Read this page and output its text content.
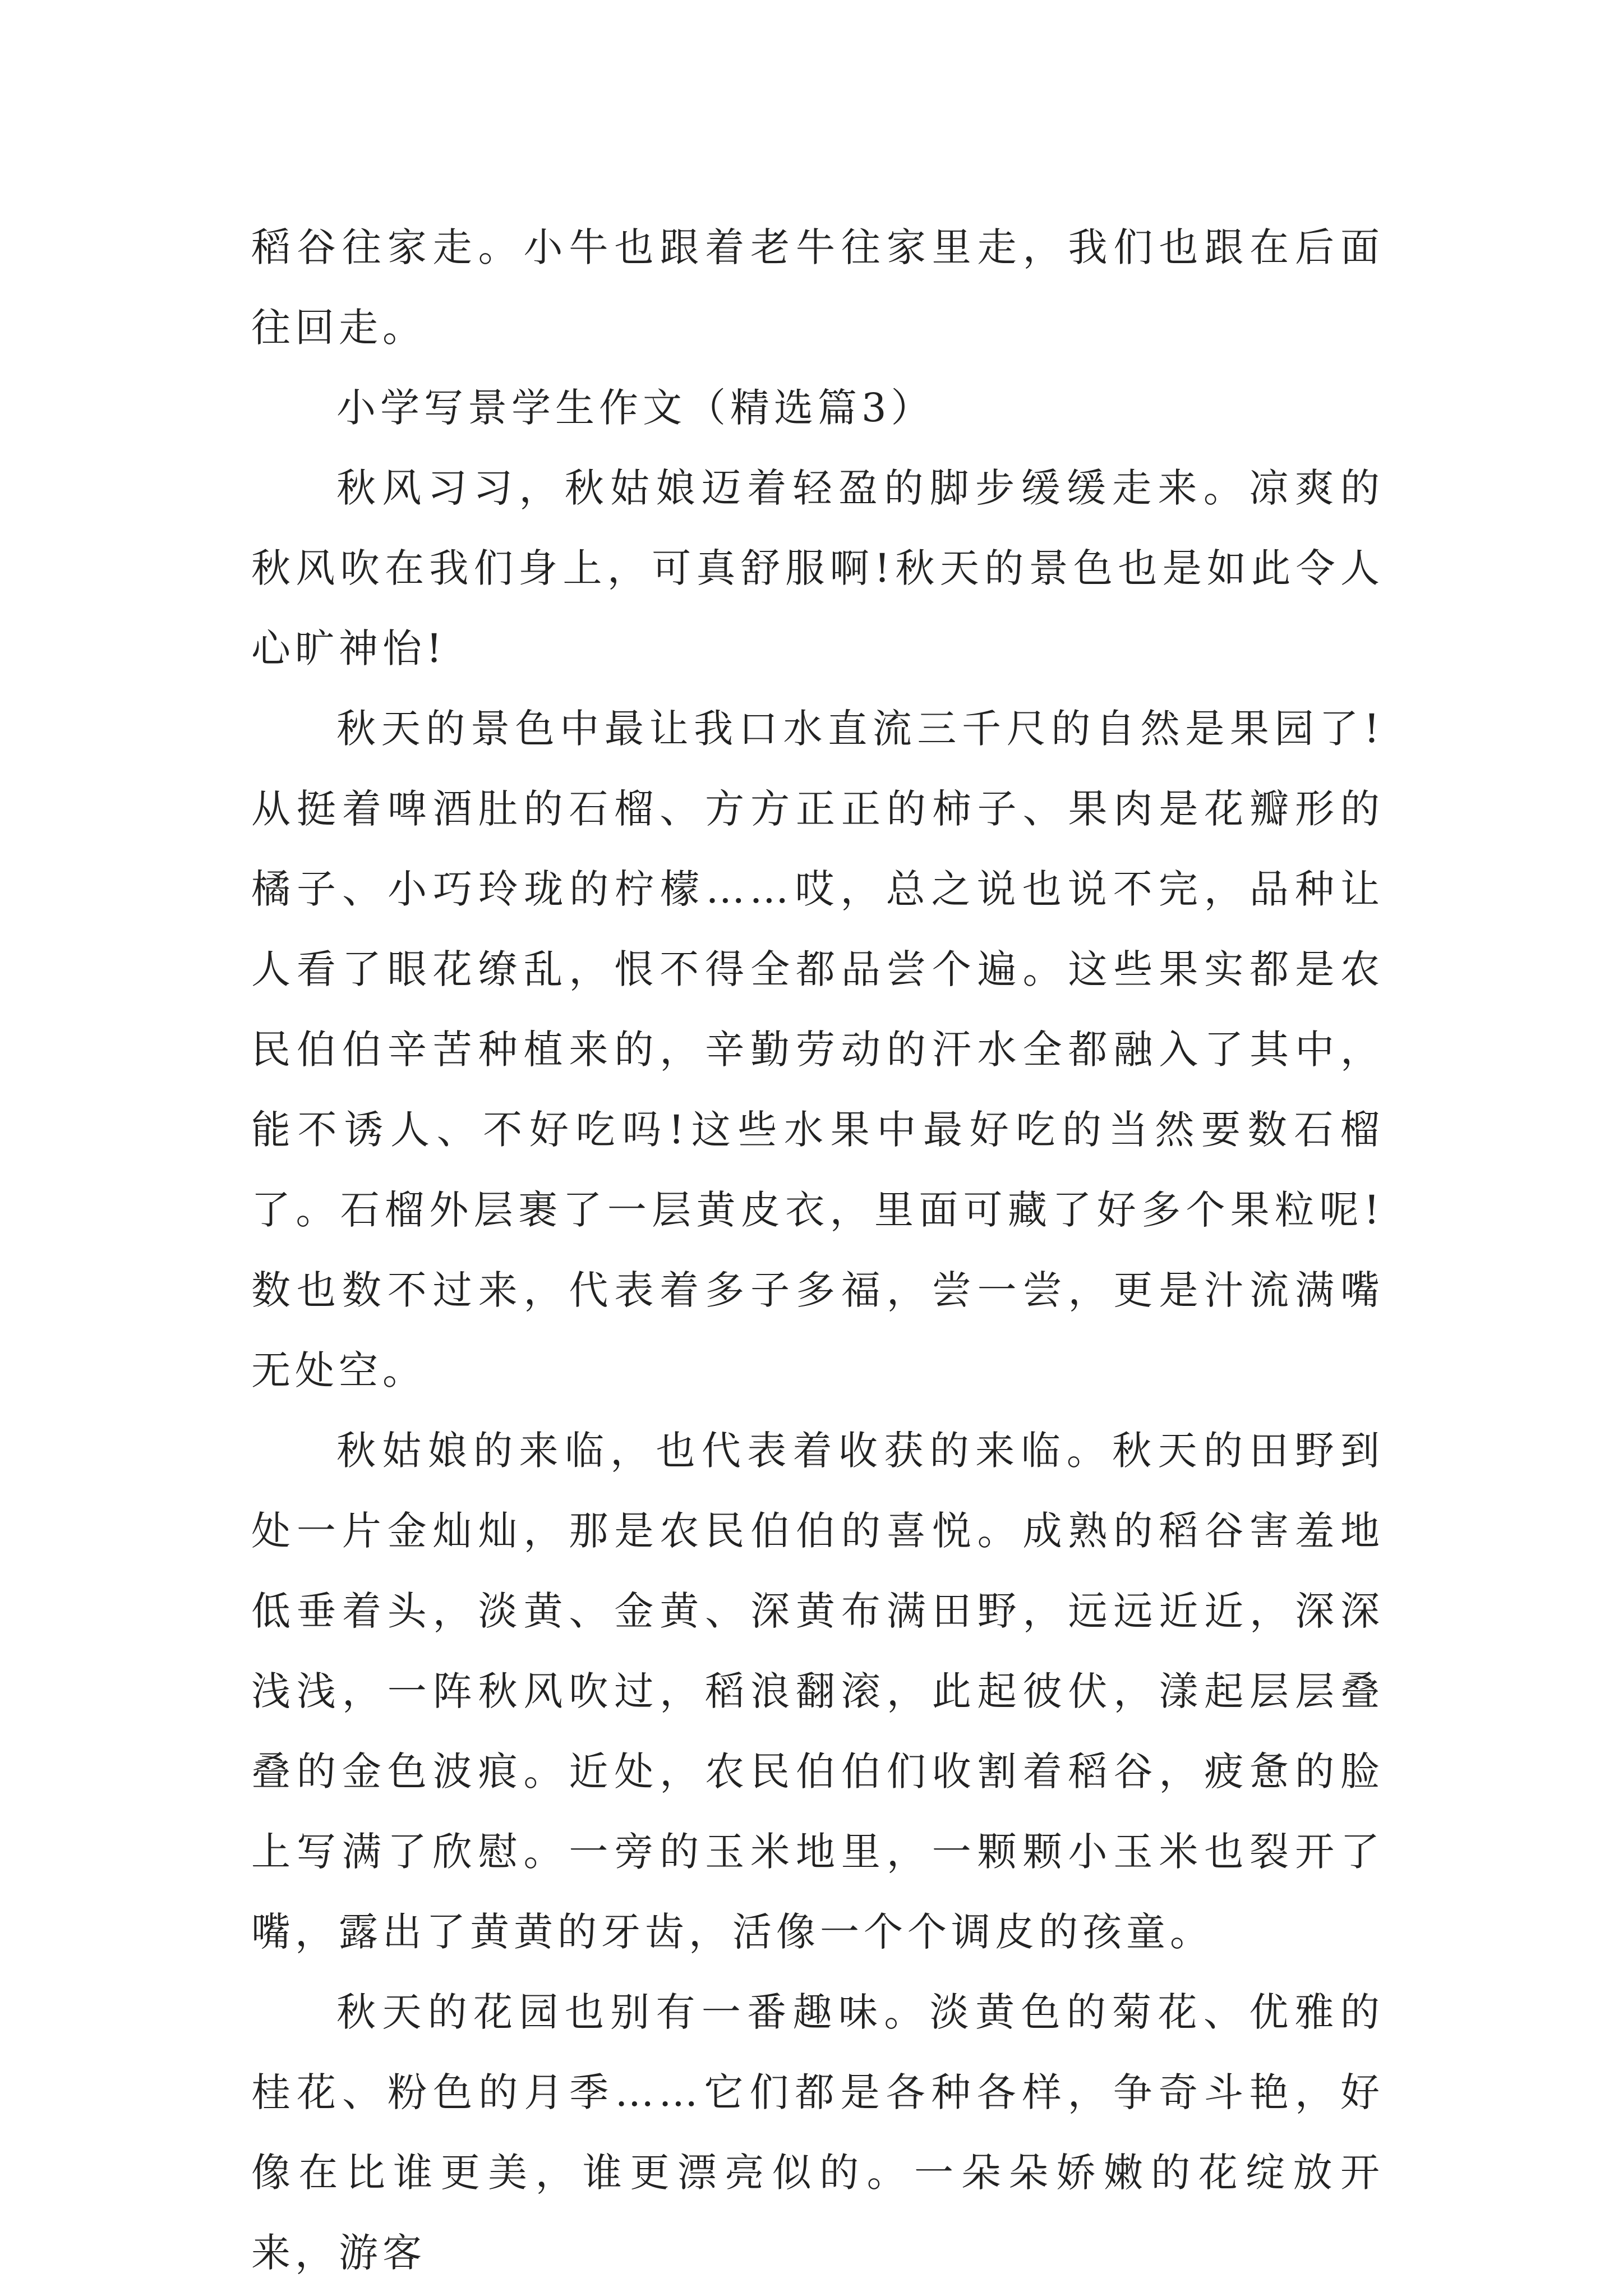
稻谷往家走。小牛也跟着老牛往家里走，我们也跟在后面往回走。

小学写景学生作文（精选篇3）

秋风习习，秋姑娘迈着轻盈的脚步缓缓走来。凉爽的秋风吹在我们身上，可真舒服啊!秋天的景色也是如此令人心旷神怡!

秋天的景色中最让我口水直流三千尺的自然是果园了!从挺着啤酒肚的石榴、方方正正的柿子、果肉是花瓣形的橘子、小巧玲珑的柠檬……哎，总之说也说不完，品种让人看了眼花缭乱，恨不得全都品尝个遍。这些果实都是农民伯伯辛苦种植来的，辛勤劳动的汗水全都融入了其中，能不诱人、不好吃吗!这些水果中最好吃的当然要数石榴了。石榴外层裹了一层黄皮衣，里面可藏了好多个果粒呢!数也数不过来，代表着多子多福，尝一尝，更是汁流满嘴无处空。

秋姑娘的来临，也代表着收获的来临。秋天的田野到处一片金灿灿，那是农民伯伯的喜悦。成熟的稻谷害羞地低垂着头，淡黄、金黄、深黄布满田野，远远近近，深深浅浅，一阵秋风吹过，稻浪翻滚，此起彼伏，漾起层层叠叠的金色波痕。近处，农民伯伯们收割着稻谷，疲惫的脸上写满了欣慰。一旁的玉米地里，一颗颗小玉米也裂开了嘴，露出了黄黄的牙齿，活像一个个调皮的孩童。

秋天的花园也别有一番趣味。淡黄色的菊花、优雅的桂花、粉色的月季……它们都是各种各样，争奇斗艳，好像在比谁更美，谁更漂亮似的。一朵朵娇嫩的花绽放开来，游客
